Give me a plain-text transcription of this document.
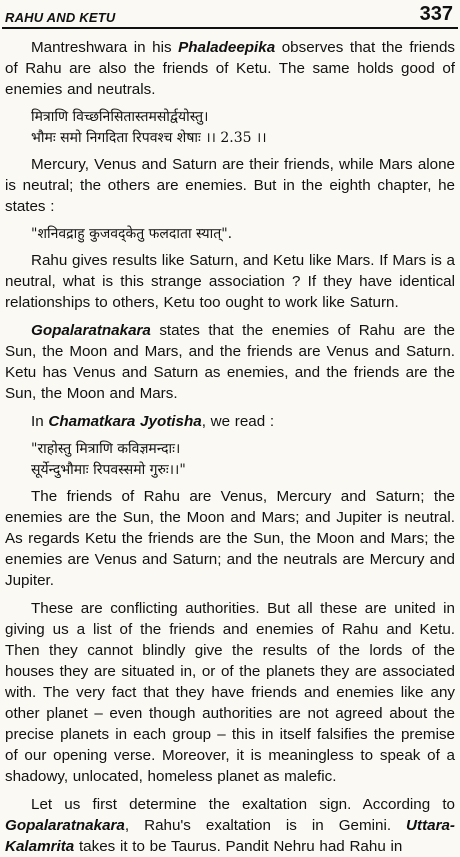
RAHU AND KETU	337

Mantreshwara in his Phaladeepika observes that the friends of Rahu are also the friends of Ketu. The same holds good of enemies and neutrals.

मित्राणि विच्छनिसितास्तमसोर्द्वयोस्तु।
भौमः समो निगदिता रिपवश्च शेषाः ।। 2.35 ।।

Mercury, Venus and Saturn are their friends, while Mars alone is neutral; the others are enemies. But in the eighth chapter, he states :

"शनिवद्राहु कुजवद्केतु फलदाता स्यात्".

Rahu gives results like Saturn, and Ketu like Mars. If Mars is a neutral, what is this strange association ? If they have identical relationships to others, Ketu too ought to work like Saturn.

Gopalaratnakara states that the enemies of Rahu are the Sun, the Moon and Mars, and the friends are Venus and Saturn. Ketu has Venus and Saturn as enemies, and the friends are the Sun, the Moon and Mars.

In Chamatkara Jyotisha, we read :

"राहोस्तु मित्राणि कविज्ञमन्दाः।
सूर्येन्दुभौमाः रिपवस्समो गुरुः।।"

The friends of Rahu are Venus, Mercury and Saturn; the enemies are the Sun, the Moon and Mars; and Jupiter is neutral. As regards Ketu the friends are the Sun, the Moon and Mars; the enemies are Venus and Saturn; and the neutrals are Mercury and Jupiter.

These are conflicting authorities. But all these are united in giving us a list of the friends and enemies of Rahu and Ketu. Then they cannot blindly give the results of the lords of the houses they are situated in, or of the planets they are associated with. The very fact that they have friends and enemies like any other planet – even though authorities are not agreed about the precise planets in each group – this in itself falsifies the premise of our opening verse. Moreover, it is meaningless to speak of a shadowy, unlocated, homeless planet as malefic.

Let us first determine the exaltation sign. According to Gopalaratnakara, Rahu's exaltation is in Gemini. Uttara-Kalamrita takes it to be Taurus. Pandit Nehru had Rahu in
